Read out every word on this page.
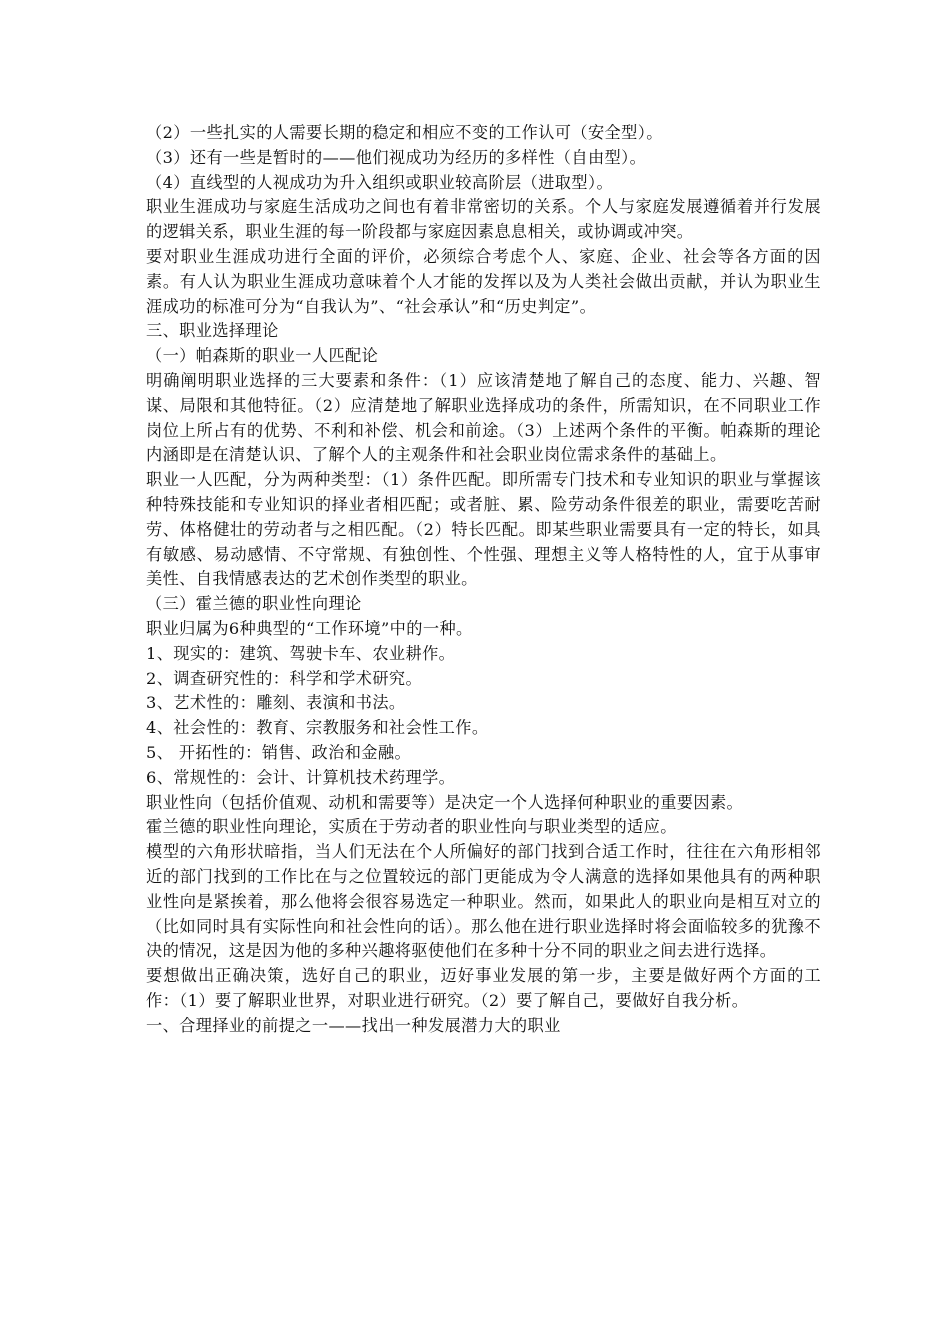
（2）一些扎实的人需要长期的稳定和相应不变的工作认可（安全型）。

（3）还有一些是暂时的——他们视成功为经历的多样性（自由型）。

（4）直线型的人视成功为升入组织或职业较高阶层（进取型）。

职业生涯成功与家庭生活成功之间也有着非常密切的关系。个人与家庭发展遵循着并行发展的逻辑关系，职业生涯的每一阶段都与家庭因素息息相关，或协调或冲突。

要对职业生涯成功进行全面的评价，必须综合考虑个人、家庭、企业、社会等各方面的因素。有人认为职业生涯成功意味着个人才能的发挥以及为人类社会做出贡献，并认为职业生涯成功的标准可分为“自我认为”、“社会承认”和“历史判定”。

三、职业选择理论

（一）帕森斯的职业一人匹配论

明确阐明职业选择的三大要素和条件：（1）应该清楚地了解自己的态度、能力、兴趣、智谋、局限和其他特征。（2）应清楚地了解职业选择成功的条件，所需知识，在不同职业工作岗位上所占有的优势、不利和补偿、机会和前途。（3）上述两个条件的平衡。帕森斯的理论内涵即是在清楚认识、了解个人的主观条件和社会职业岗位需求条件的基础上。

职业一人匹配，分为两种类型：（1）条件匹配。即所需专门技术和专业知识的职业与掌握该种特殊技能和专业知识的择业者相匹配；或者脏、累、险劳动条件很差的职业，需要吃苦耐劳、体格健壮的劳动者与之相匹配。（2）特长匹配。即某些职业需要具有一定的特长，如具有敏感、易动感情、不守常规、有独创性、个性强、理想主义等人格特性的人，宜于从事审美性、自我情感表达的艺术创作类型的职业。

（三）霍兰德的职业性向理论

职业归属为6种典型的“工作环境”中的一种。

1、现实的：建筑、驾驶卡车、农业耕作。

2、调查研究性的：科学和学术研究。

3、艺术性的：雕刻、表演和书法。

4、社会性的：教育、宗教服务和社会性工作。

5、 开拓性的：销售、政治和金融。

6、常规性的：会计、计算机技术药理学。

职业性向（包括价值观、动机和需要等）是决定一个人选择何种职业的重要因素。

霍兰德的职业性向理论，实质在于劳动者的职业性向与职业类型的适应。

模型的六角形状暗指，当人们无法在个人所偏好的部门找到合适工作时，往往在六角形相邻近的部门找到的工作比在与之位置较远的部门更能成为令人满意的选择如果他具有的两种职业性向是紧挨着，那么他将会很容易选定一种职业。然而，如果此人的职业向是相互对立的（比如同时具有实际性向和社会性向的话）。那么他在进行职业选择时将会面临较多的犹豫不决的情况，这是因为他的多种兴趣将驱使他们在多种十分不同的职业之间去进行选择。

要想做出正确决策，选好自己的职业，迈好事业发展的第一步，主要是做好两个方面的工作：（1）要了解职业世界，对职业进行研究。（2）要了解自己，要做好自我分析。

一、合理择业的前提之一——找出一种发展潜力大的职业
